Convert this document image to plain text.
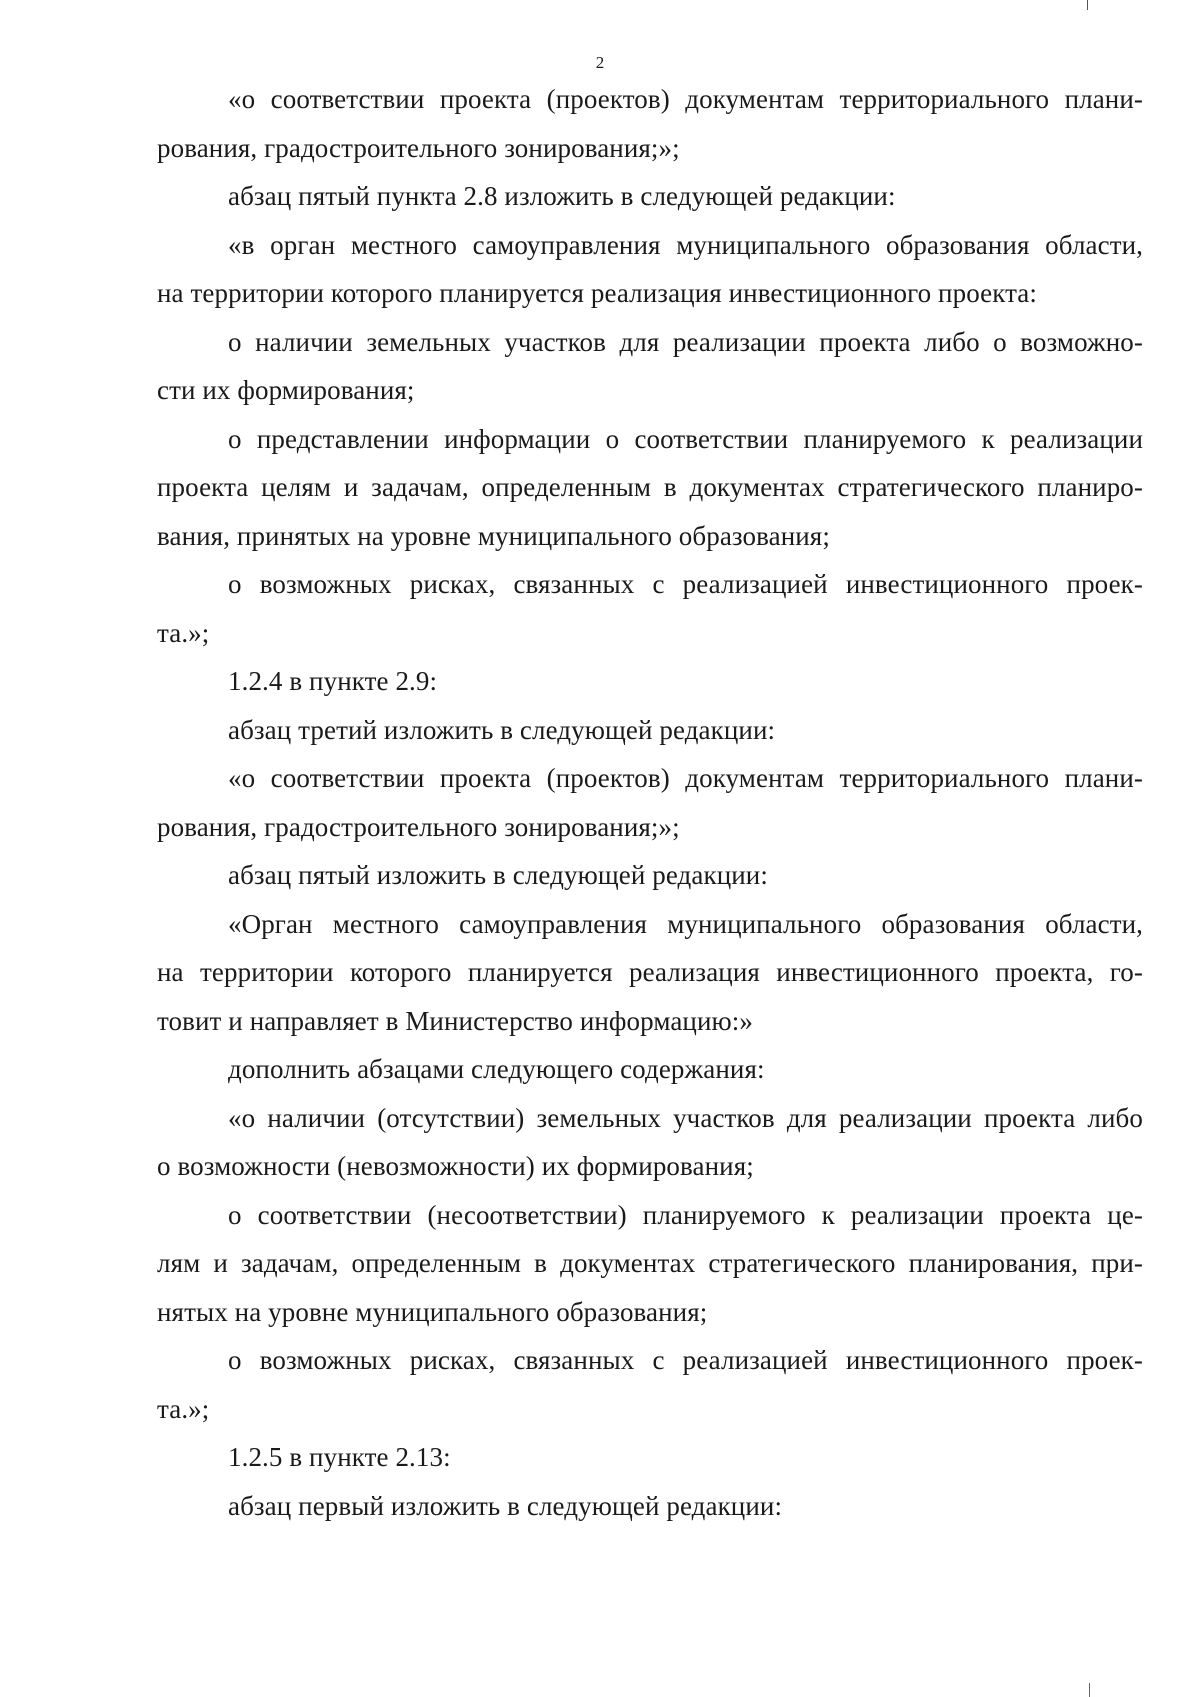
2
«о соответствии проекта (проектов) документам территориального плани-
рования, градостроительного зонирования;»;
абзац пятый пункта 2.8 изложить в следующей редакции:
«в орган местного самоуправления муниципального образования области,
на территории которого планируется реализация инвестиционного проекта:
о наличии земельных участков для реализации проекта либо о возможно-
сти их формирования;
о представлении информации о соответствии планируемого к реализации
проекта целям и задачам, определенным в документах стратегического планиро-
вания, принятых на уровне муниципального образования;
о возможных рисках, связанных с реализацией инвестиционного проек-
та.»;
1.2.4 в пункте 2.9:
абзац третий изложить в следующей редакции:
«о соответствии проекта (проектов) документам территориального плани-
рования, градостроительного зонирования;»;
абзац пятый изложить в следующей редакции:
«Орган местного самоуправления муниципального образования области,
на территории которого планируется реализация инвестиционного проекта, го-
товит и направляет в Министерство информацию:»
дополнить абзацами следующего содержания:
«о наличии (отсутствии) земельных участков для реализации проекта либо
о возможности (невозможности) их формирования;
о соответствии (несоответствии) планируемого к реализации проекта це-
лям и задачам, определенным в документах стратегического планирования, при-
нятых на уровне муниципального образования;
о возможных рисках, связанных с реализацией инвестиционного проек-
та.»;
1.2.5 в пункте 2.13:
абзац первый изложить в следующей редакции:
